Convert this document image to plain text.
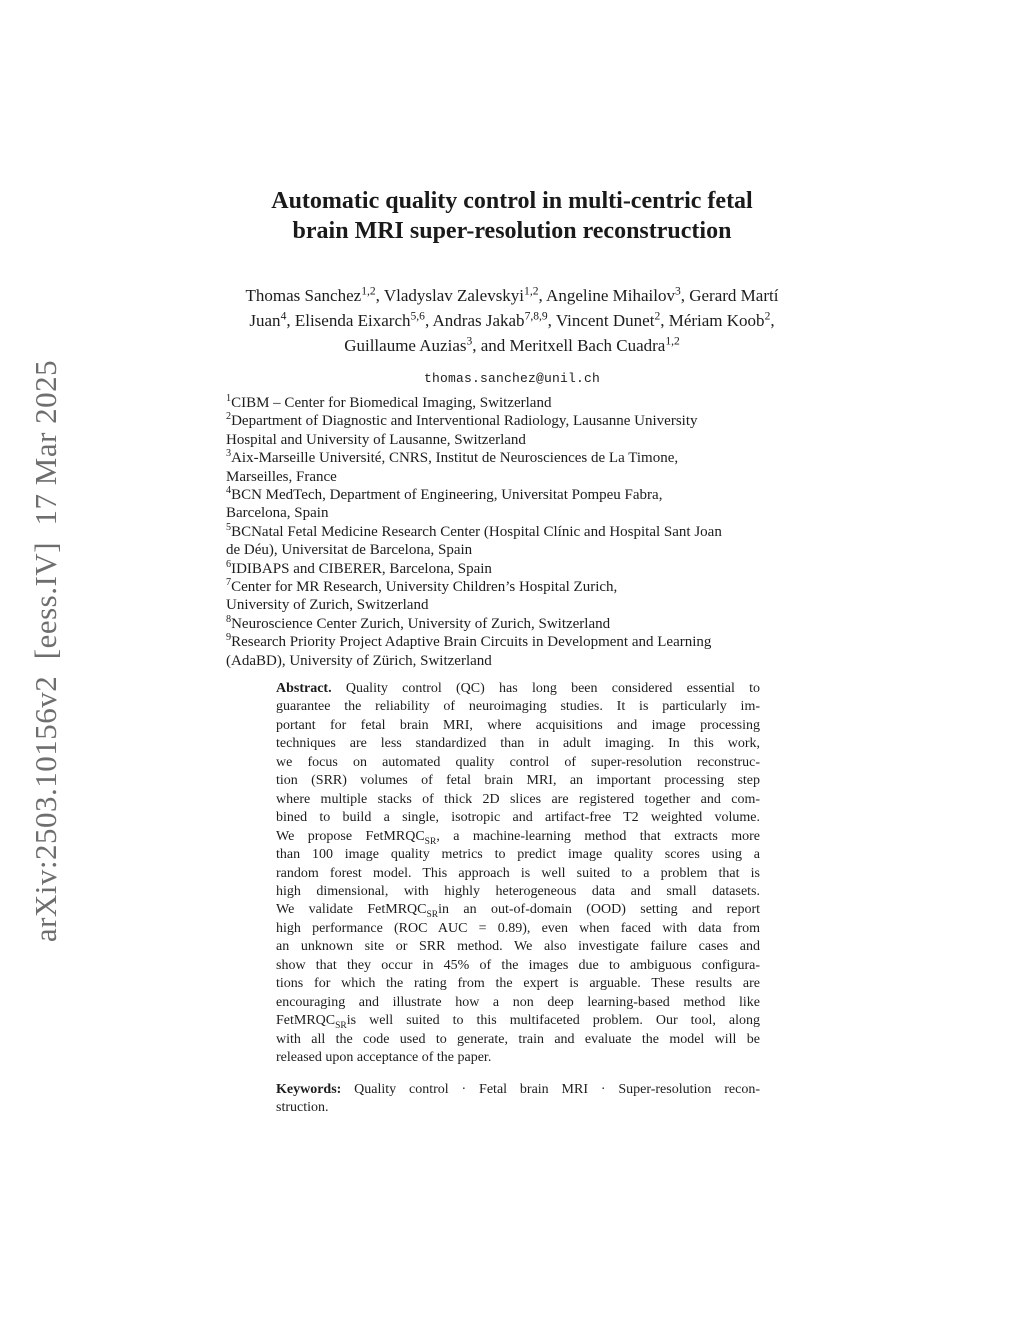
arXiv:2503.10156v2  [eess.IV]  17 Mar 2025
Automatic quality control in multi-centric fetal
brain MRI super-resolution reconstruction
Thomas Sanchez$^{1,2}$, Vladyslav Zalevskyi$^{1,2}$, Angeline Mihailov$^3$, Gerard Martí
Juan$^4$, Elisenda Eixarch$^{5,6}$, Andras Jakab$^{7,8,9}$, Vincent Dunet$^2$, Mériam Koob$^2$,
Guillaume Auzias$^3$, and Meritxell Bach Cuadra$^{1,2}$
thomas.sanchez@unil.ch
$^1$CIBM – Center for Biomedical Imaging, Switzerland
$^2$Department of Diagnostic and Interventional Radiology, Lausanne University
Hospital and University of Lausanne, Switzerland
$^3$Aix-Marseille Université, CNRS, Institut de Neurosciences de La Timone,
Marseilles, France
$^4$BCN MedTech, Department of Engineering, Universitat Pompeu Fabra,
Barcelona, Spain
$^5$BCNatal Fetal Medicine Research Center (Hospital Clínic and Hospital Sant Joan
de Déu), Universitat de Barcelona, Spain
$^6$IDIBAPS and CIBERER, Barcelona, Spain
$^7$Center for MR Research, University Children’s Hospital Zurich,
University of Zurich, Switzerland
$^8$Neuroscience Center Zurich, University of Zurich, Switzerland
$^9$Research Priority Project Adaptive Brain Circuits in Development and Learning
(AdaBD), University of Zürich, Switzerland
Abstract. Quality control (QC) has long been considered essential to
guarantee the reliability of neuroimaging studies. It is particularly im-
portant for fetal brain MRI, where acquisitions and image processing
techniques are less standardized than in adult imaging. In this work,
we focus on automated quality control of super-resolution reconstruc-
tion (SRR) volumes of fetal brain MRI, an important processing step
where multiple stacks of thick 2D slices are registered together and com-
bined to build a single, isotropic and artifact-free T2 weighted volume.
We propose FetMRQC$_{SR}$, a machine-learning method that extracts more
than 100 image quality metrics to predict image quality scores using a
random forest model. This approach is well suited to a problem that is
high dimensional, with highly heterogeneous data and small datasets.
We validate FetMRQC$_{SR}$in an out-of-domain (OOD) setting and report
high performance (ROC AUC = 0.89), even when faced with data from
an unknown site or SRR method. We also investigate failure cases and
show that they occur in 45% of the images due to ambiguous configura-
tions for which the rating from the expert is arguable. These results are
encouraging and illustrate how a non deep learning-based method like
FetMRQC$_{SR}$is well suited to this multifaceted problem. Our tool, along
with all the code used to generate, train and evaluate the model will be
released upon acceptance of the paper.
Keywords: Quality control · Fetal brain MRI · Super-resolution recon-
struction.
